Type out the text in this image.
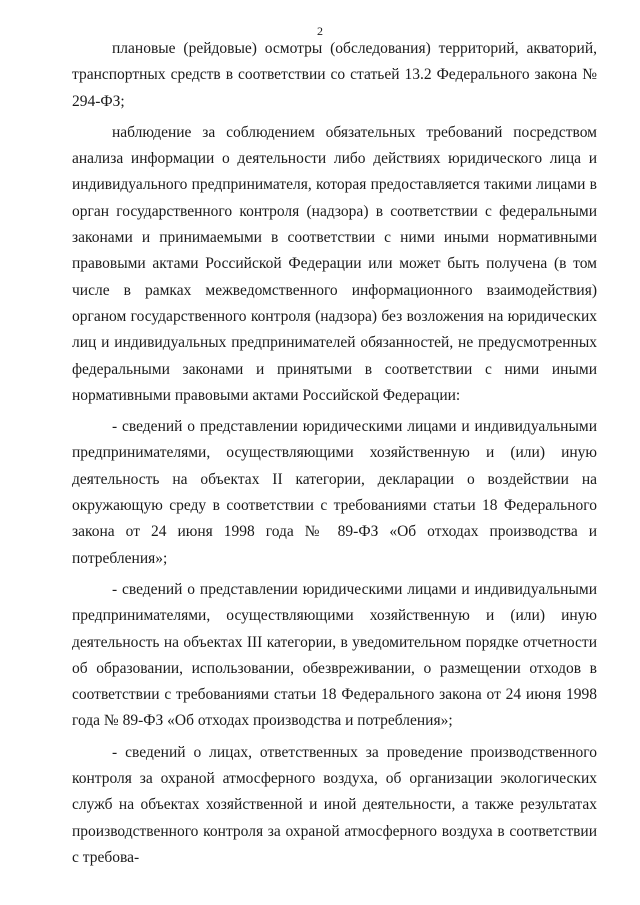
2

плановые (рейдовые) осмотры (обследования) территорий, акваторий, транспортных средств в соответствии со статьей 13.2 Федерального закона № 294-ФЗ;

наблюдение за соблюдением обязательных требований посредством анализа информации о деятельности либо действиях юридического лица и индивидуального предпринимателя, которая предоставляется такими лицами в орган государственного контроля (надзора) в соответствии с федеральными законами и принимаемыми в соответствии с ними иными нормативными правовыми актами Российской Федерации или может быть получена (в том числе в рамках межведомственного информационного взаимодействия) органом государственного контроля (надзора) без возложения на юридических лиц и индивидуальных предпринимателей обязанностей, не предусмотренных федеральными законами и принятыми в соответствии с ними иными нормативными правовыми актами Российской Федерации:

- сведений о представлении юридическими лицами и индивидуальными предпринимателями, осуществляющими хозяйственную и (или) иную деятельность на объектах II категории, декларации о воздействии на окружающую среду в соответствии с требованиями статьи 18 Федерального закона от 24 июня 1998 года № 89-ФЗ «Об отходах производства и потребления»;

- сведений о представлении юридическими лицами и индивидуальными предпринимателями, осуществляющими хозяйственную и (или) иную деятельность на объектах III категории, в уведомительном порядке отчетности об образовании, использовании, обезвреживании, о размещении отходов в соответствии с требованиями статьи 18 Федерального закона от 24 июня 1998 года № 89-ФЗ «Об отходах производства и потребления»;

- сведений о лицах, ответственных за проведение производственного контроля за охраной атмосферного воздуха, об организации экологических служб на объектах хозяйственной и иной деятельности, а также результатах производственного контроля за охраной атмосферного воздуха в соответствии с требова-
